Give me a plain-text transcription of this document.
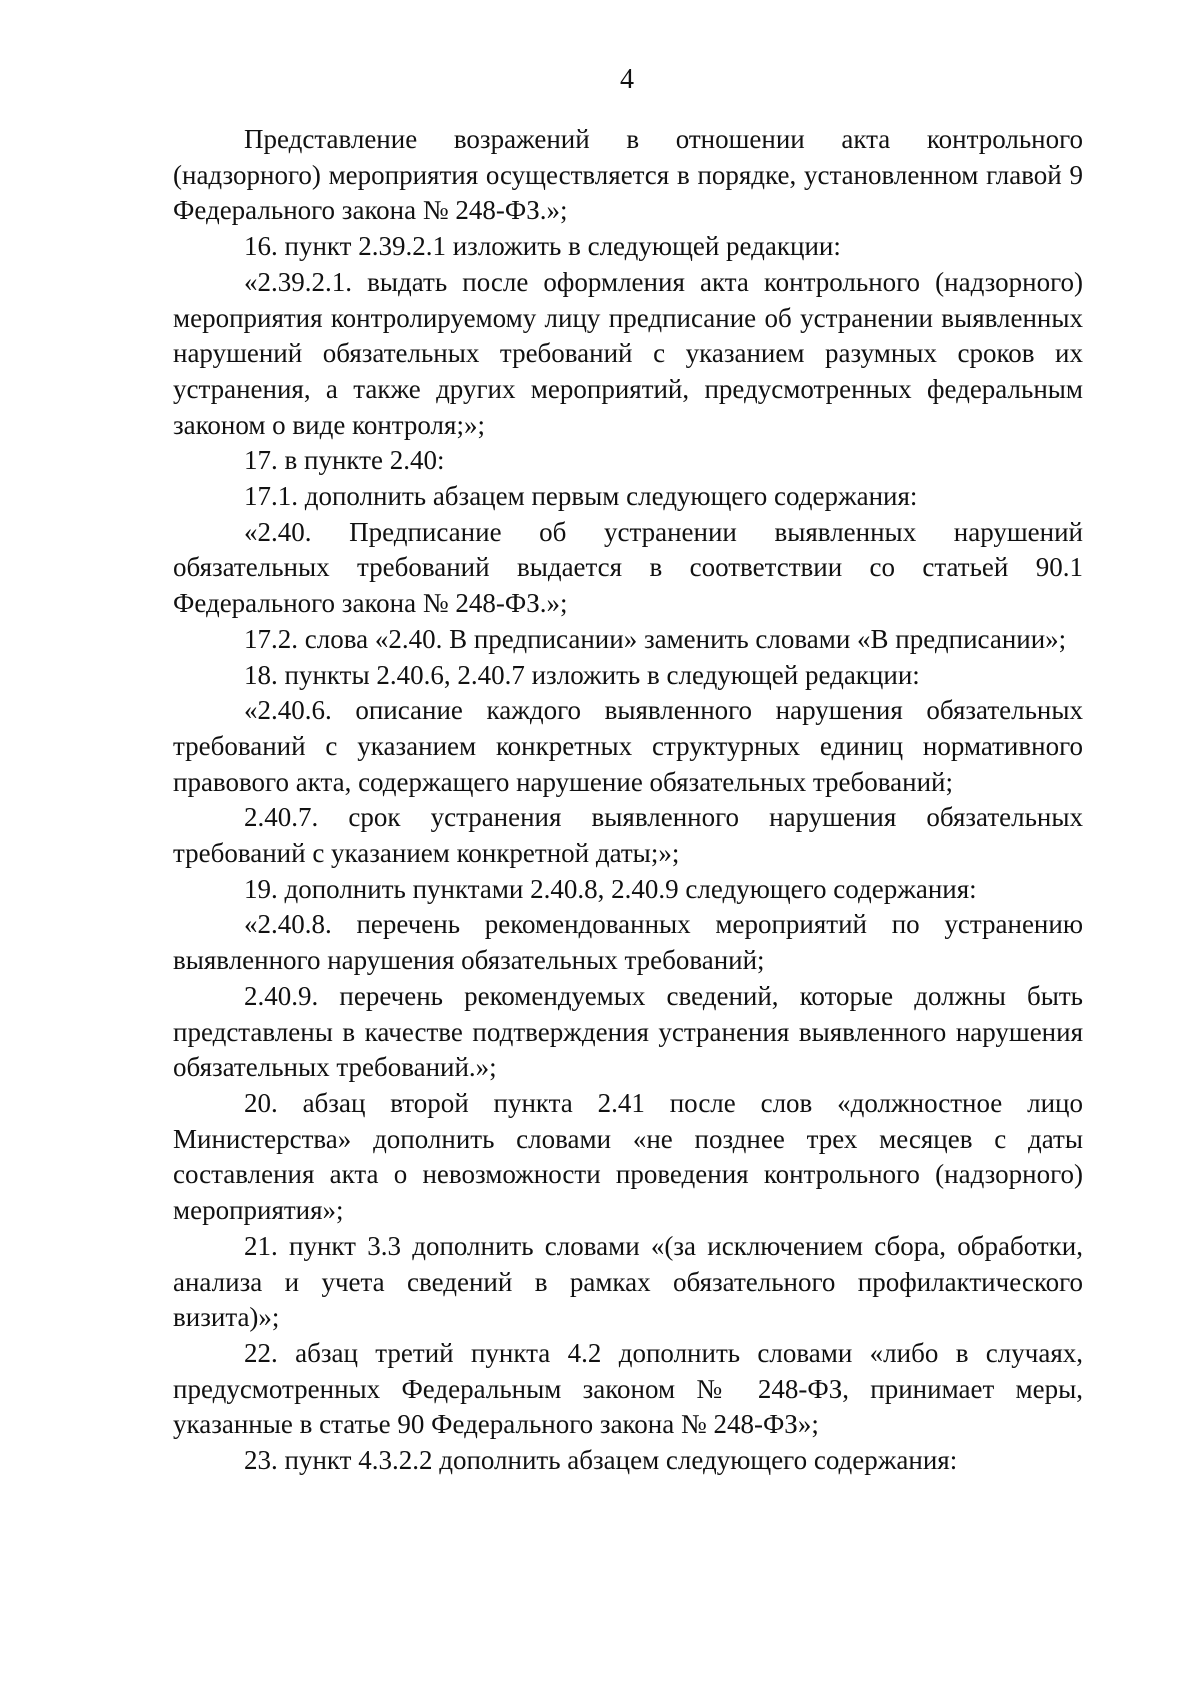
4

Представление возражений в отношении акта контрольного (надзорного) мероприятия осуществляется в порядке, установленном главой 9 Федерального закона № 248-ФЗ.»;

16. пункт 2.39.2.1 изложить в следующей редакции:

«2.39.2.1. выдать после оформления акта контрольного (надзорного) мероприятия контролируемому лицу предписание об устранении выявленных нарушений обязательных требований с указанием разумных сроков их устранения, а также других мероприятий, предусмотренных федеральным законом о виде контроля;»;

17. в пункте 2.40:

17.1. дополнить абзацем первым следующего содержания:

«2.40. Предписание об устранении выявленных нарушений обязательных требований выдается в соответствии со статьей 90.1 Федерального закона № 248-ФЗ.»;

17.2. слова «2.40. В предписании» заменить словами «В предписании»;

18. пункты 2.40.6, 2.40.7 изложить в следующей редакции:

«2.40.6. описание каждого выявленного нарушения обязательных требований с указанием конкретных структурных единиц нормативного правового акта, содержащего нарушение обязательных требований;

2.40.7. срок устранения выявленного нарушения обязательных требований с указанием конкретной даты;»;

19. дополнить пунктами 2.40.8, 2.40.9 следующего содержания:

«2.40.8. перечень рекомендованных мероприятий по устранению выявленного нарушения обязательных требований;

2.40.9. перечень рекомендуемых сведений, которые должны быть представлены в качестве подтверждения устранения выявленного нарушения обязательных требований.»;

20. абзац второй пункта 2.41 после слов «должностное лицо Министерства» дополнить словами «не позднее трех месяцев с даты составления акта о невозможности проведения контрольного (надзорного) мероприятия»;

21. пункт 3.3 дополнить словами «(за исключением сбора, обработки, анализа и учета сведений в рамках обязательного профилактического визита)»;

22. абзац третий пункта 4.2 дополнить словами «либо в случаях, предусмотренных Федеральным законом № 248-ФЗ, принимает меры, указанные в статье 90 Федерального закона № 248-ФЗ»;

23. пункт 4.3.2.2 дополнить абзацем следующего содержания:
